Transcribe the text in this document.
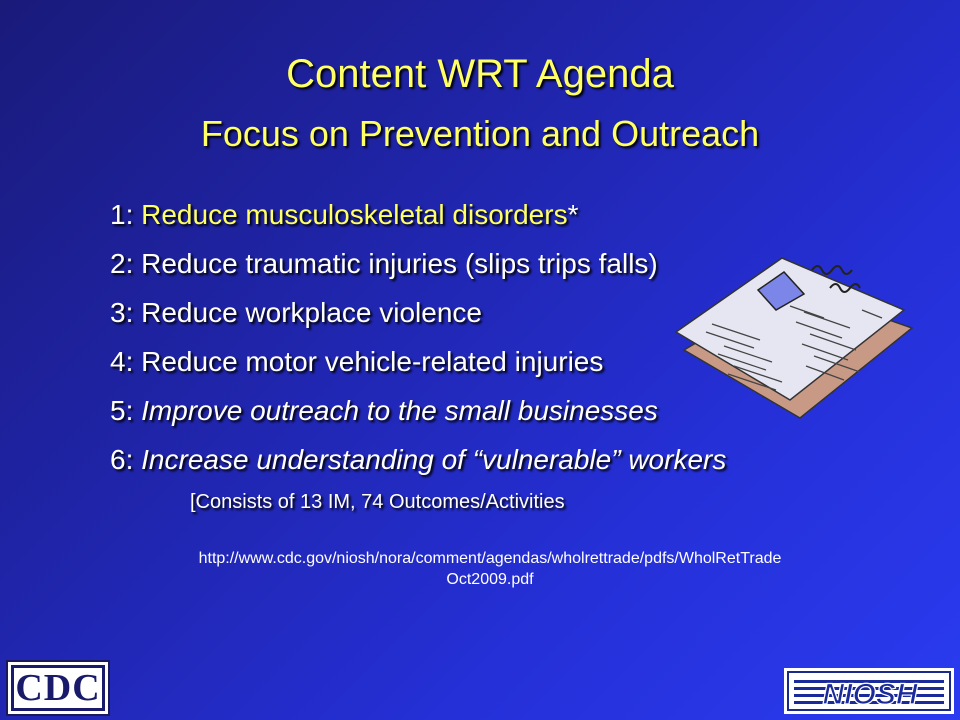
Content WRT Agenda
Focus on Prevention and Outreach
1: Reduce musculoskeletal disorders*
2: Reduce traumatic injuries (slips trips falls)
3: Reduce workplace violence
4: Reduce motor vehicle-related injuries
5: Improve outreach to the small businesses
6: Increase understanding of “vulnerable” workers
[Consists of 13 IM, 74 Outcomes/Activities
http://www.cdc.gov/niosh/nora/comment/agendas/wholrettrade/pdfs/WholRetTrade
Oct2009.pdf
CDC	NIOSH
